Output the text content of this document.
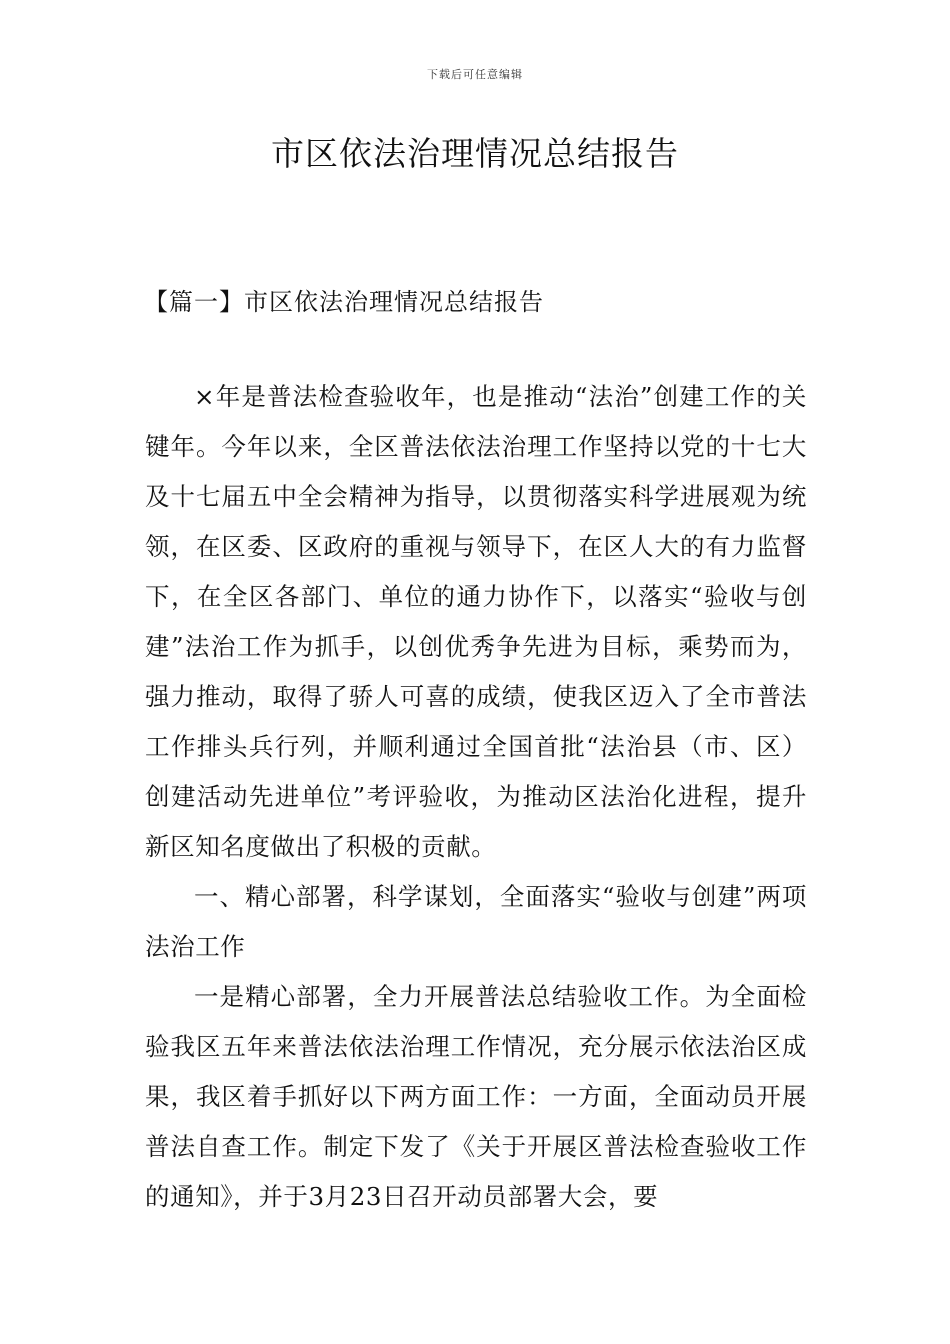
下载后可任意编辑
市区依法治理情况总结报告
【篇一】市区依法治理情况总结报告

×年是普法检查验收年，也是推动“法治”创建工作的关键年。今年以来，全区普法依法治理工作坚持以党的十七大及十七届五中全会精神为指导，以贯彻落实科学进展观为统领，在区委、区政府的重视与领导下，在区人大的有力监督下，在全区各部门、单位的通力协作下，以落实“验收与创建”法治工作为抓手，以创优秀争先进为目标，乘势而为，强力推动，取得了骄人可喜的成绩，使我区迈入了全市普法工作排头兵行列，并顺利通过全国首批“法治县（市、区）创建活动先进单位”考评验收，为推动区法治化进程，提升新区知名度做出了积极的贡献。

一、精心部署，科学谋划，全面落实“验收与创建”两项法治工作

一是精心部署，全力开展普法总结验收工作。为全面检验我区五年来普法依法治理工作情况，充分展示依法治区成果，我区着手抓好以下两方面工作：一方面，全面动员开展普法自查工作。制定下发了《关于开展区普法检查验收工作的通知》，并于3月23日召开动员部署大会，要
